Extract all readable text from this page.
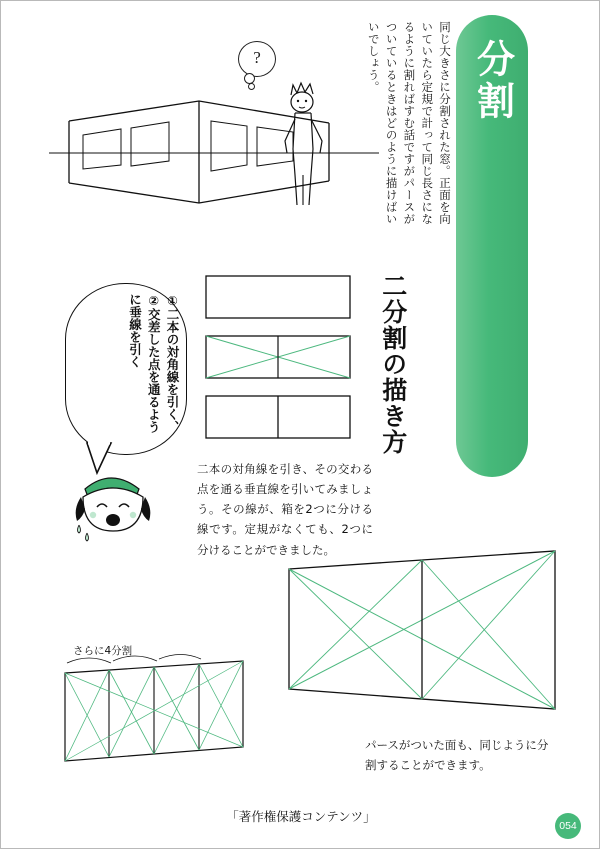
分割
同じ大きさに分割された窓。正面を向いていたら定規で計って同じ長さになるように割ればすむ話ですがパースがついているときはどのように描けばいいでしょう。
?
二分割の描き方
①二本の対角線を引く、②交差した点を通るように垂線を引く
二本の対角線を引き、その交わる点を通る垂直線を引いてみましょう。その線が、箱を2つに分ける線です。定規がなくても、2つに分けることができました。
さらに4分割
パースがついた面も、同じように分割することができます。
「著作権保護コンテンツ」
054
